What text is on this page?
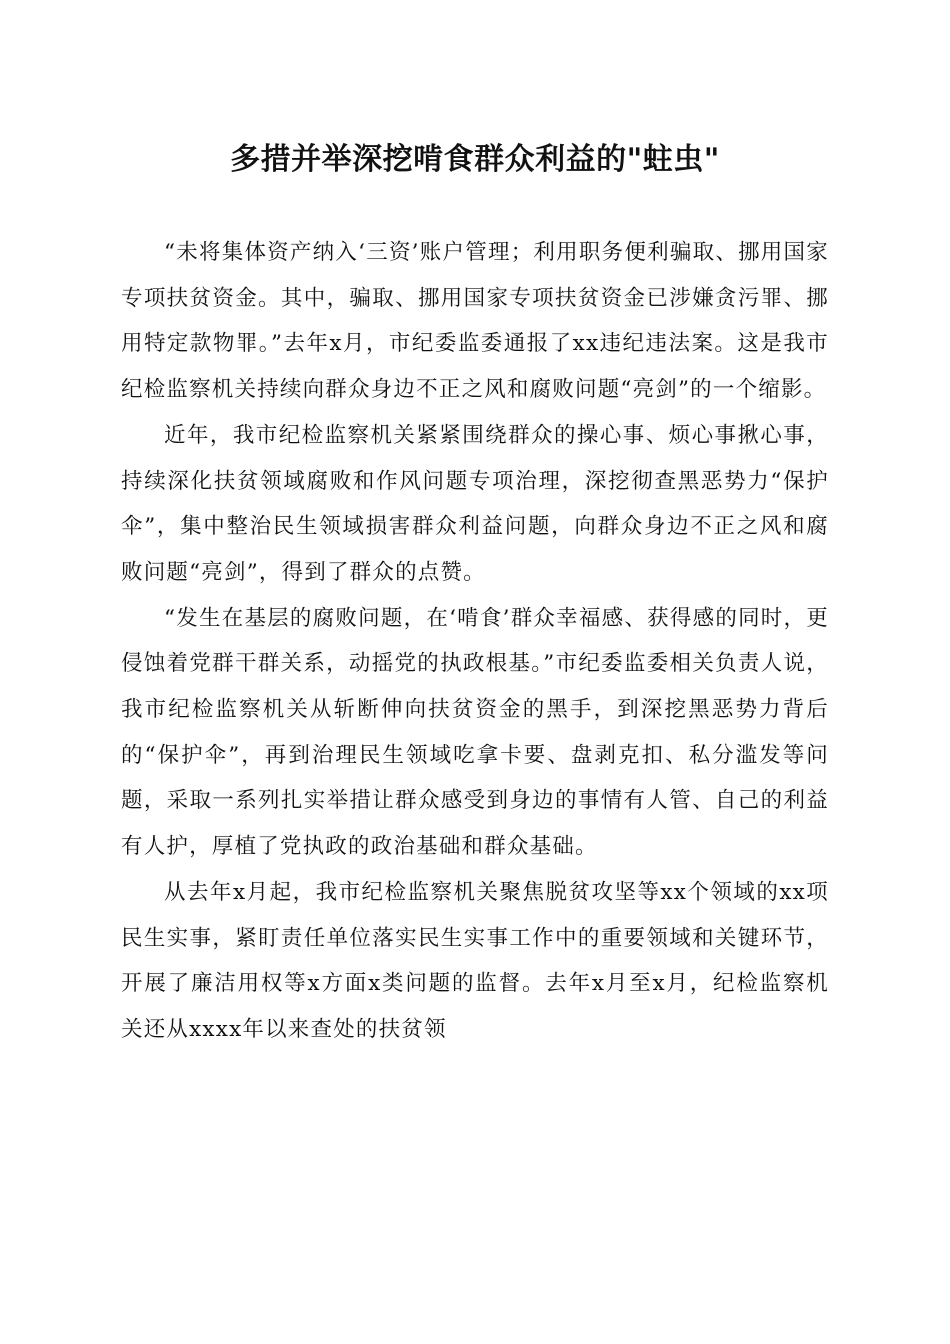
多措并举深挖啃食群众利益的"蛀虫"

“未将集体资产纳入‘三资’账户管理；利用职务便利骗取、挪用国家专项扶贫资金。其中，骗取、挪用国家专项扶贫资金已涉嫌贪污罪、挪用特定款物罪。”去年x月，市纪委监委通报了xx违纪违法案。这是我市纪检监察机关持续向群众身边不正之风和腐败问题“亮剑”的一个缩影。

近年，我市纪检监察机关紧紧围绕群众的操心事、烦心事揪心事，持续深化扶贫领域腐败和作风问题专项治理，深挖彻查黑恶势力“保护伞”，集中整治民生领域损害群众利益问题，向群众身边不正之风和腐败问题“亮剑”，得到了群众的点赞。

“发生在基层的腐败问题，在‘啃食’群众幸福感、获得感的同时，更侵蚀着党群干群关系，动摇党的执政根基。”市纪委监委相关负责人说，我市纪检监察机关从斩断伸向扶贫资金的黑手，到深挖黑恶势力背后的“保护伞”，再到治理民生领域吃拿卡要、盘剥克扣、私分滥发等问题，采取一系列扎实举措让群众感受到身边的事情有人管、自己的利益有人护，厚植了党执政的政治基础和群众基础。

从去年x月起，我市纪检监察机关聚焦脱贫攻坚等xx个领域的xx项民生实事，紧盯责任单位落实民生实事工作中的重要领域和关键环节，开展了廉洁用权等x方面x类问题的监督。去年x月至x月，纪检监察机关还从xxxx年以来查处的扶贫领
